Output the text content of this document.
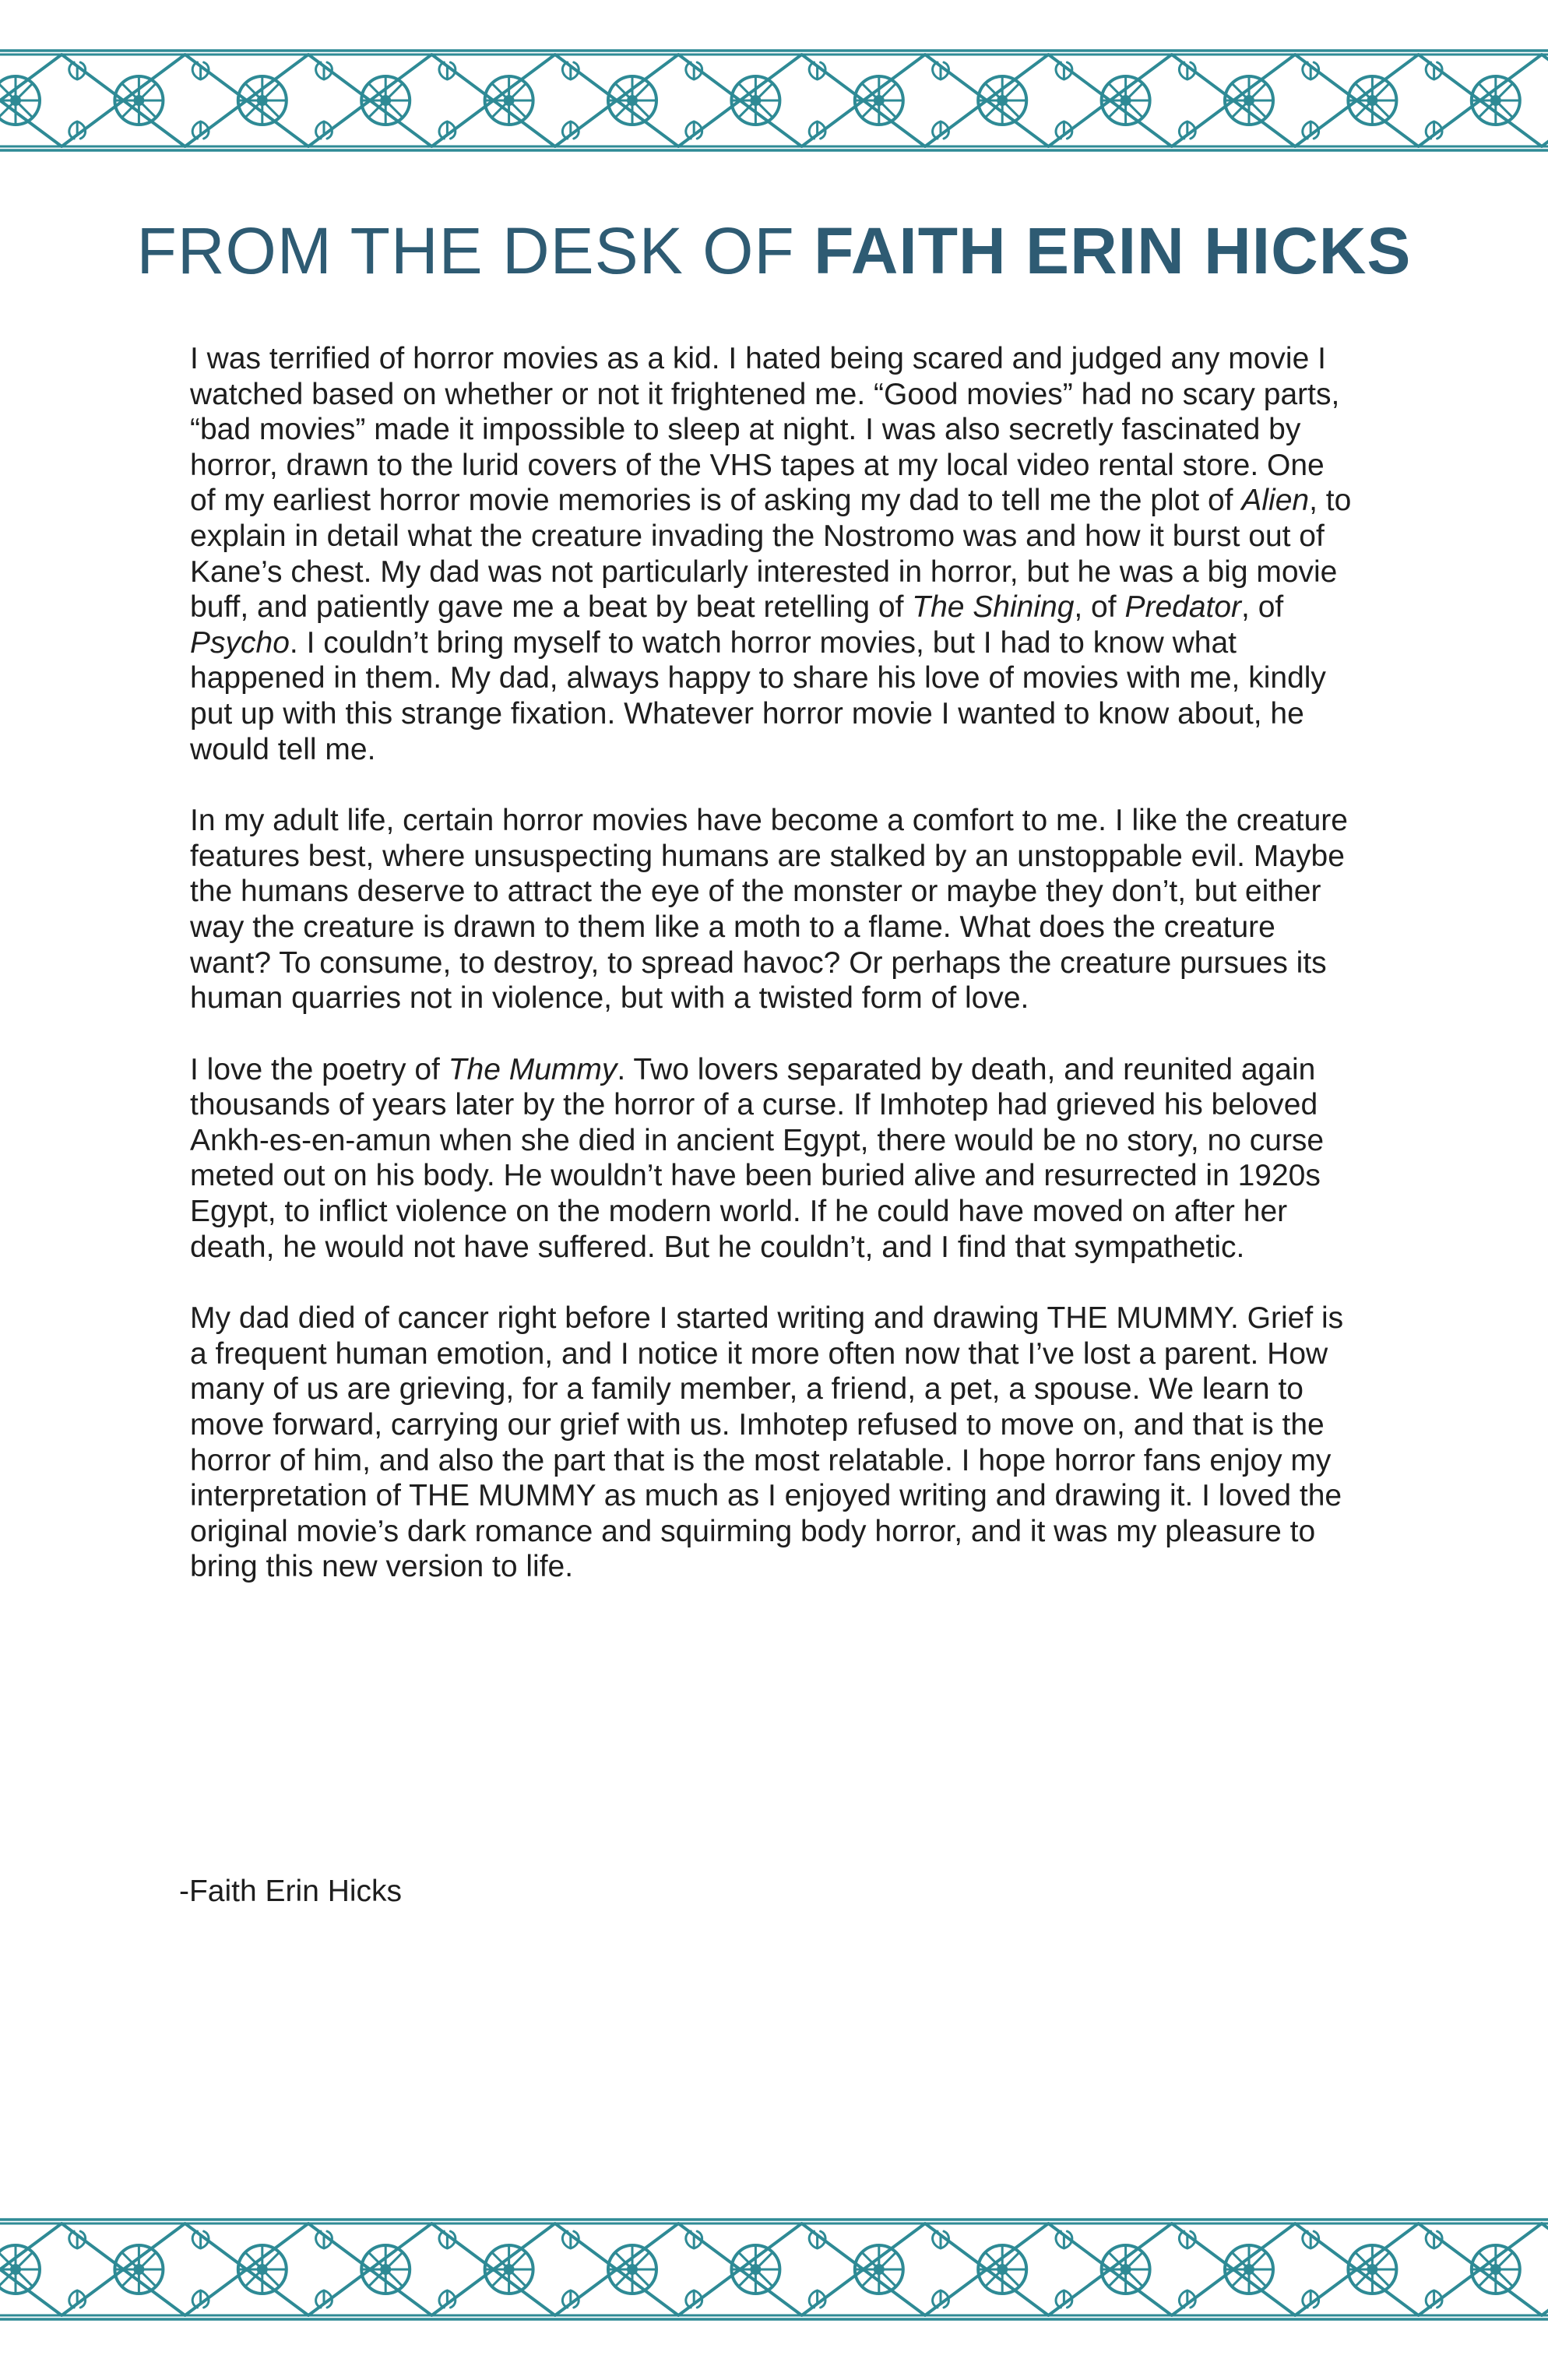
FROM THE DESK OF FAITH ERIN HICKS

I was terrified of horror movies as a kid. I hated being scared and judged any movie I watched based on whether or not it frightened me. “Good movies” had no scary parts, “bad movies” made it impossible to sleep at night. I was also secretly fascinated by horror, drawn to the lurid covers of the VHS tapes at my local video rental store. One of my earliest horror movie memories is of asking my dad to tell me the plot of Alien, to explain in detail what the creature invading the Nostromo was and how it burst out of Kane’s chest. My dad was not particularly interested in horror, but he was a big movie buff, and patiently gave me a beat by beat retelling of The Shining, of Predator, of Psycho. I couldn’t bring myself to watch horror movies, but I had to know what happened in them. My dad, always happy to share his love of movies with me, kindly put up with this strange fixation. Whatever horror movie I wanted to know about, he would tell me.

In my adult life, certain horror movies have become a comfort to me. I like the creature features best, where unsuspecting humans are stalked by an unstoppable evil. Maybe the humans deserve to attract the eye of the monster or maybe they don’t, but either way the creature is drawn to them like a moth to a flame. What does the creature want? To consume, to destroy, to spread havoc? Or perhaps the creature pursues its human quarries not in violence, but with a twisted form of love.

I love the poetry of The Mummy. Two lovers separated by death, and reunited again thousands of years later by the horror of a curse. If Imhotep had grieved his beloved Ankh-es-en-amun when she died in ancient Egypt, there would be no story, no curse meted out on his body. He wouldn’t have been buried alive and resurrected in 1920s Egypt, to inflict violence on the modern world. If he could have moved on after her death, he would not have suffered. But he couldn’t, and I find that sympathetic.

My dad died of cancer right before I started writing and drawing THE MUMMY. Grief is a frequent human emotion, and I notice it more often now that I’ve lost a parent. How many of us are grieving, for a family member, a friend, a pet, a spouse. We learn to move forward, carrying our grief with us. Imhotep refused to move on, and that is the horror of him, and also the part that is the most relatable. I hope horror fans enjoy my interpretation of THE MUMMY as much as I enjoyed writing and drawing it. I loved the original movie’s dark romance and squirming body horror, and it was my pleasure to bring this new version to life.

-Faith Erin Hicks
